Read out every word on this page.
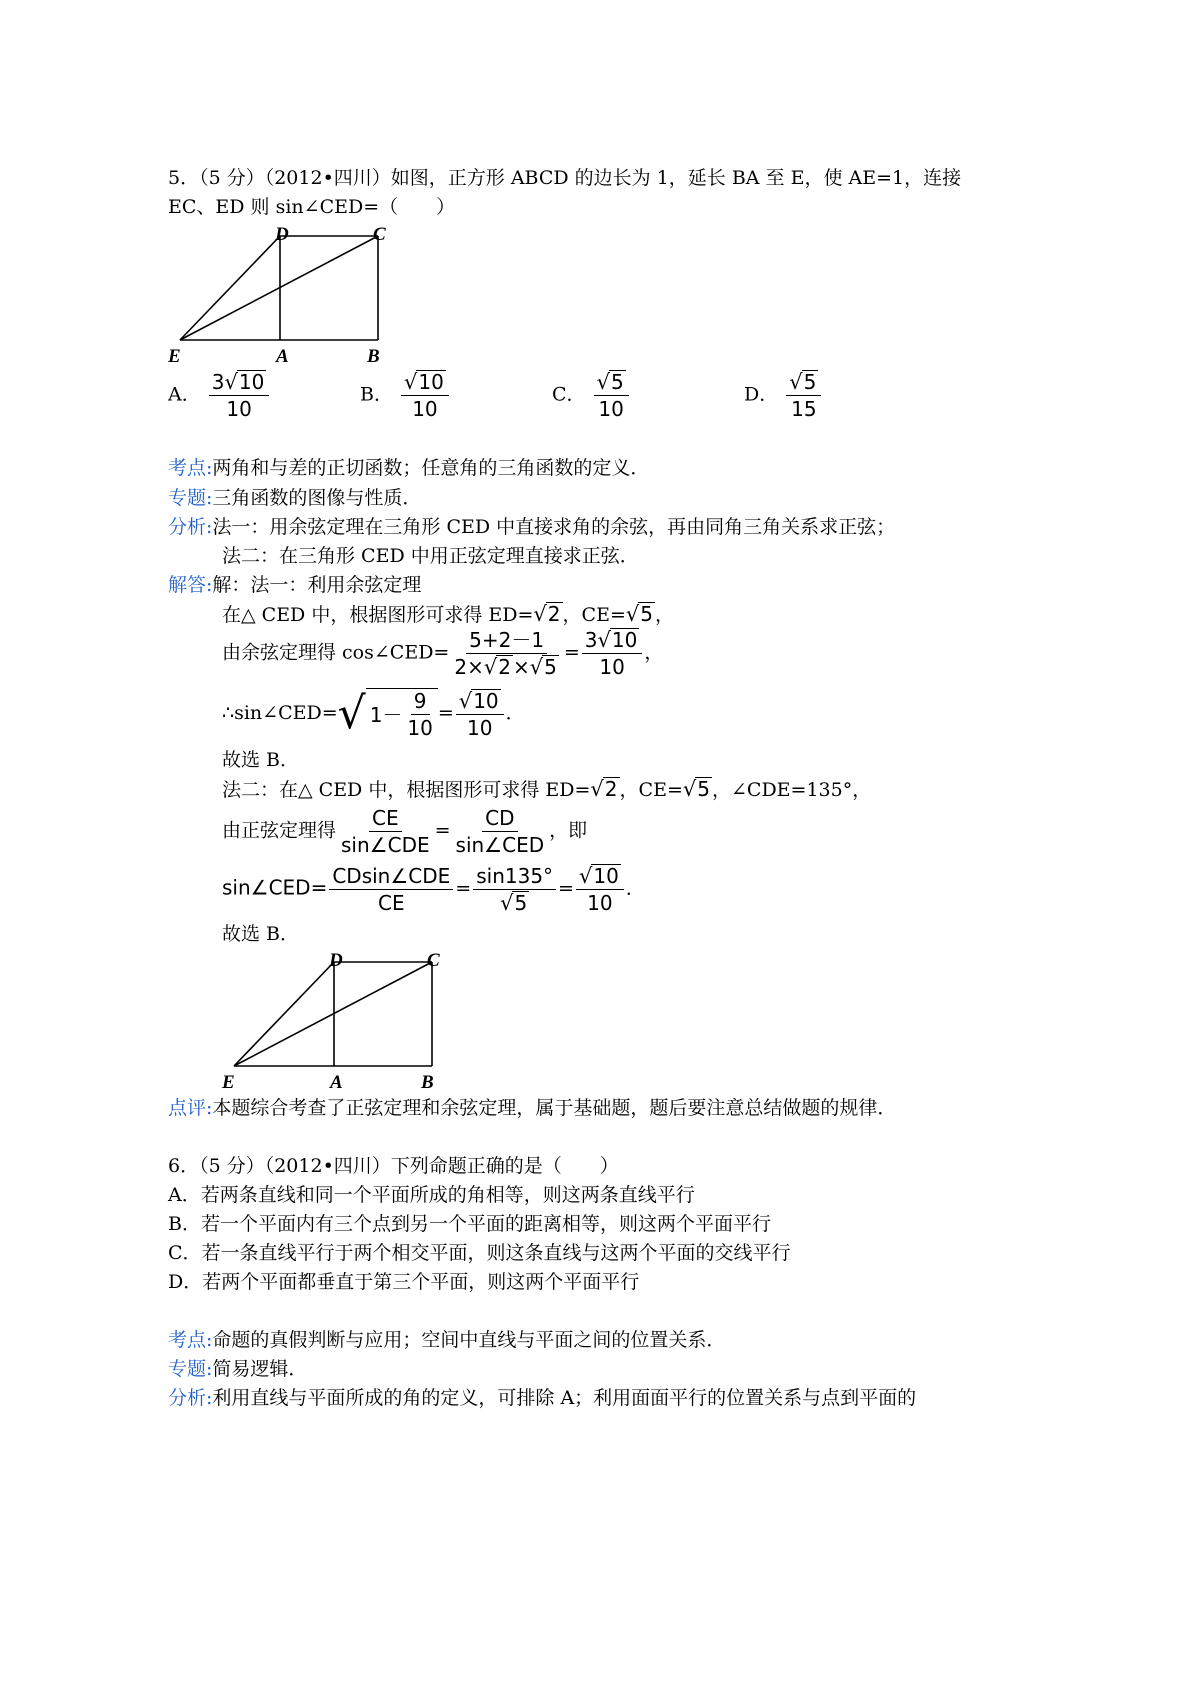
5．（5 分）（2012•四川）如图，正方形 ABCD 的边长为 1，延长 BA 至 E，使 AE=1，连接
EC、ED 则 sin∠CED=（　　）
D	C
E	A	B
A． $\frac{3√10}{10}$	B． $\frac{√10}{10}$	C． $\frac{√5}{10}$	D． $\frac{√5}{15}$
考点:两角和与差的正切函数；任意角的三角函数的定义．
专题:三角函数的图像与性质．
分析:法一：用余弦定理在三角形 CED 中直接求角的余弦，再由同角三角关系求正弦；
法二：在三角形 CED 中用正弦定理直接求正弦．
解答:解：法一：利用余弦定理
在△ CED 中，根据图形可求得 ED=√2 ，CE=√5 ，
由余弦定理得 cos∠CED= $\frac{5+2-1}{2\times√2 \times√5} = \frac{3√10}{10}$ ，
∴sin∠CED= √ $1- \frac{9}{10} = \frac{√10}{10}$ ．
故选 B．
法二：在△ CED 中，根据图形可求得 ED=√2 ，CE=√5 ，∠CDE=135°，
由正弦定理得 $\frac{CE}{\text{sin∠CDE}} = \frac{CD}{\text{sin∠CED}}$ ，即
sin∠CED= $\frac{\text{CDsin∠CDE}}{CE} = \frac{\sin 135^\circ}{√5} = \frac{√10}{10}$ ．
故选 B．
D	C
E	A	B
点评:本题综合考查了正弦定理和余弦定理，属于基础题，题后要注意总结做题的规律．
6．（5 分）（2012•四川）下列命题正确的是（　　）
A．若两条直线和同一个平面所成的角相等，则这两条直线平行
B．若一个平面内有三个点到另一个平面的距离相等，则这两个平面平行
C．若一条直线平行于两个相交平面，则这条直线与这两个平面的交线平行
D．若两个平面都垂直于第三个平面，则这两个平面平行
考点:命题的真假判断与应用；空间中直线与平面之间的位置关系．
专题:简易逻辑．
分析:利用直线与平面所成的角的定义，可排除 A；利用面面平行的位置关系与点到平面的
